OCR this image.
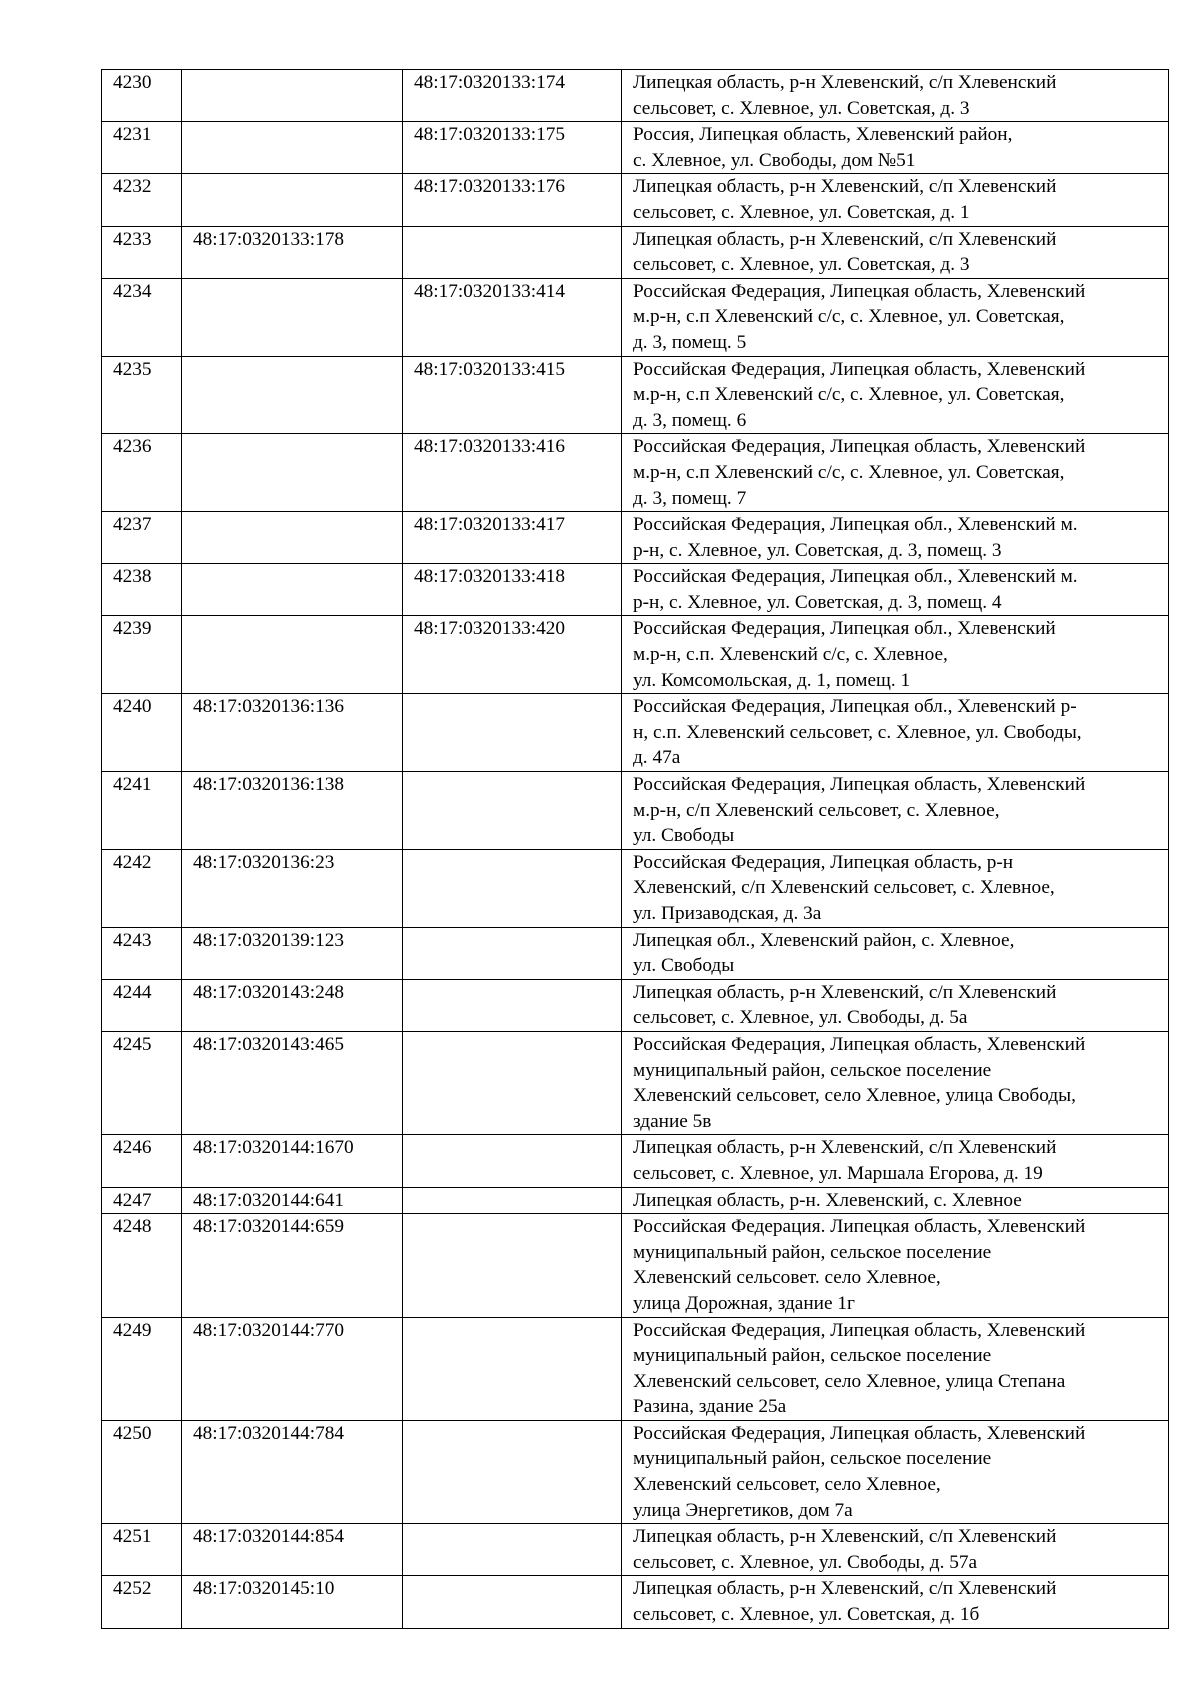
4230		48:17:0320133:174	Липецкая область, р-н Хлевенский, с/п Хлевенский
сельсовет, с. Хлевное, ул. Советская, д. 3
4231		48:17:0320133:175	Россия, Липецкая область, Хлевенский район,
с. Хлевное, ул. Свободы, дом №51
4232		48:17:0320133:176	Липецкая область, р-н Хлевенский, с/п Хлевенский
сельсовет, с. Хлевное, ул. Советская, д. 1
4233	48:17:0320133:178		Липецкая область, р-н Хлевенский, с/п Хлевенский
сельсовет, с. Хлевное, ул. Советская, д. 3
4234		48:17:0320133:414	Российская Федерация, Липецкая область, Хлевенский
м.р-н, с.п Хлевенский с/с, с. Хлевное, ул. Советская,
д. 3, помещ. 5
4235		48:17:0320133:415	Российская Федерация, Липецкая область, Хлевенский
м.р-н, с.п Хлевенский с/с, с. Хлевное, ул. Советская,
д. 3, помещ. 6
4236		48:17:0320133:416	Российская Федерация, Липецкая область, Хлевенский
м.р-н, с.п Хлевенский с/с, с. Хлевное, ул. Советская,
д. 3, помещ. 7
4237		48:17:0320133:417	Российская Федерация, Липецкая обл., Хлевенский м.
р-н, с. Хлевное, ул. Советская, д. 3, помещ. 3
4238		48:17:0320133:418	Российская Федерация, Липецкая обл., Хлевенский м.
р-н, с. Хлевное, ул. Советская, д. 3, помещ. 4
4239		48:17:0320133:420	Российская Федерация, Липецкая обл., Хлевенский
м.р-н, с.п. Хлевенский с/с, с. Хлевное,
ул. Комсомольская, д. 1, помещ. 1
4240	48:17:0320136:136		Российская Федерация, Липецкая обл., Хлевенский р-
н, с.п. Хлевенский сельсовет, с. Хлевное, ул. Свободы,
д. 47а
4241	48:17:0320136:138		Российская Федерация, Липецкая область, Хлевенский
м.р-н, с/п Хлевенский сельсовет, с. Хлевное,
ул. Свободы
4242	48:17:0320136:23		Российская Федерация, Липецкая область, р-н
Хлевенский, с/п Хлевенский сельсовет, с. Хлевное,
ул. Призаводская, д. 3а
4243	48:17:0320139:123		Липецкая обл., Хлевенский район, с. Хлевное,
ул. Свободы
4244	48:17:0320143:248		Липецкая область, р-н Хлевенский, с/п Хлевенский
сельсовет, с. Хлевное, ул. Свободы, д. 5а
4245	48:17:0320143:465		Российская Федерация, Липецкая область, Хлевенский
муниципальный район, сельское поселение
Хлевенский сельсовет, село Хлевное, улица Свободы,
здание 5в
4246	48:17:0320144:1670		Липецкая область, р-н Хлевенский, с/п Хлевенский
сельсовет, с. Хлевное, ул. Маршала Егорова, д. 19
4247	48:17:0320144:641		Липецкая область, р-н. Хлевенский, с. Хлевное
4248	48:17:0320144:659		Российская Федерация. Липецкая область, Хлевенский
муниципальный район, сельское поселение
Хлевенский сельсовет. село Хлевное,
улица Дорожная, здание 1г
4249	48:17:0320144:770		Российская Федерация, Липецкая область, Хлевенский
муниципальный район, сельское поселение
Хлевенский сельсовет, село Хлевное, улица Степана
Разина, здание 25а
4250	48:17:0320144:784		Российская Федерация, Липецкая область, Хлевенский
муниципальный район, сельское поселение
Хлевенский сельсовет, село Хлевное,
улица Энергетиков, дом 7а
4251	48:17:0320144:854		Липецкая область, р-н Хлевенский, с/п Хлевенский
сельсовет, с. Хлевное, ул. Свободы, д. 57а
4252	48:17:0320145:10		Липецкая область, р-н Хлевенский, с/п Хлевенский
сельсовет, с. Хлевное, ул. Советская, д. 1б
